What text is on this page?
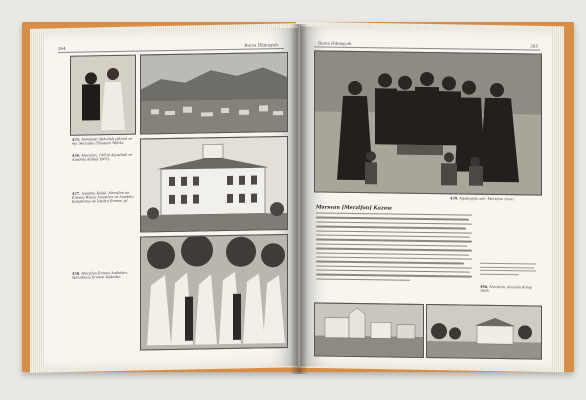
264
Bursa Hilmişyah

435. Mehmedi Abdullah çiftinin ve eşi. Merzifon (Hüseyin Teftik).

436. Merzifon. ('88'te Ayvazhali ve Anadolu Kolleji 1905).

437. Anadolu Koleji. Merzifon'un Ermeni Wasca Sanatları ve Anadolu Kolejlerine de katılan Ermeni yıl.

438. Merzifon Ermeni kadınları. Merzifonlu Ermeni Kadınlar.

Bursa Hilmişyah
265

439. Ağabeyiyle aile. Merzifon civarı.

Marsvan [Merzifon] Kazası

440. Merzifon, Anadolu Koleji 1905.
